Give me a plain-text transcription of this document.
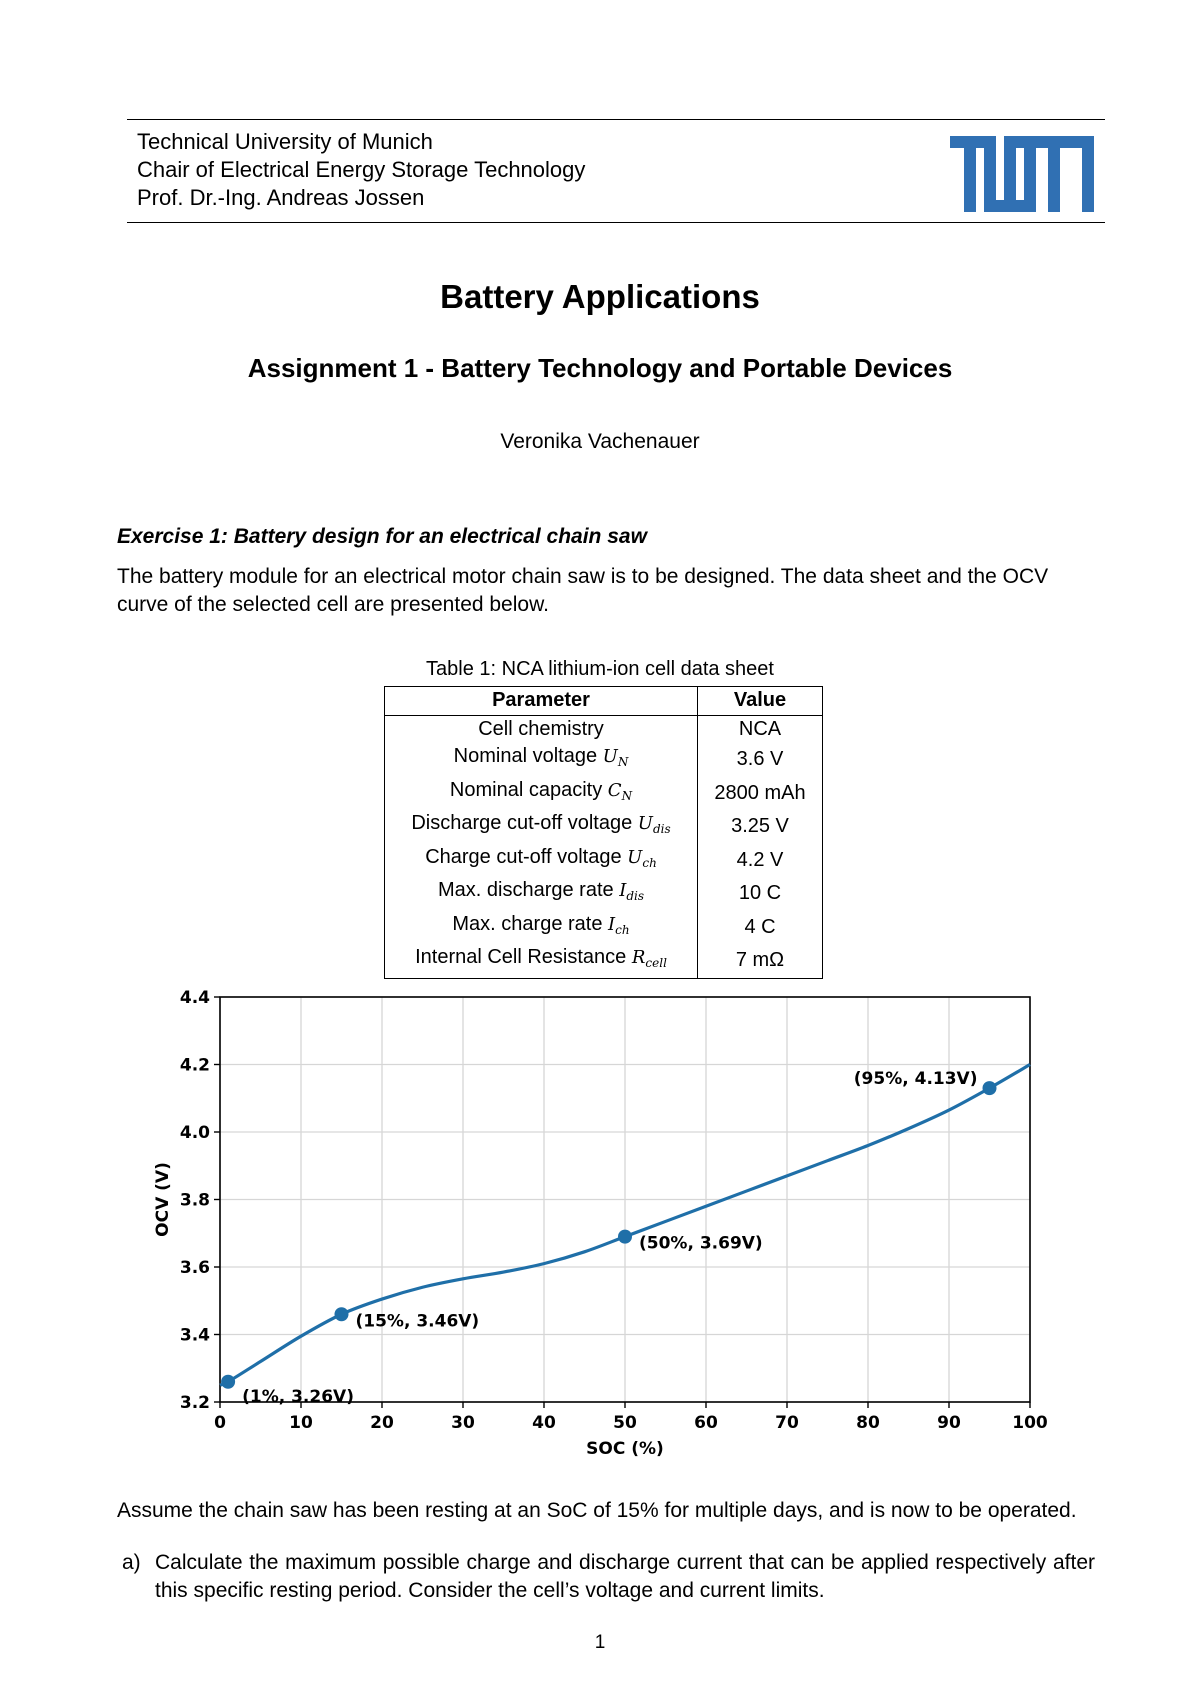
Technical University of Munich
Chair of Electrical Energy Storage Technology
Prof. Dr.-Ing. Andreas Jossen
Battery Applications
Assignment 1 - Battery Technology and Portable Devices
Veronika Vachenauer
Exercise 1: Battery design for an electrical chain saw
The battery module for an electrical motor chain saw is to be designed. The data sheet and the OCV curve of the selected cell are presented below.
Table 1: NCA lithium-ion cell data sheet
Parameter	Value
Cell chemistry	NCA
Nominal voltage $U_N$	3.6 V
Nominal capacity $C_N$	2800 mAh
Discharge cut-off voltage $U_{dis}$	3.25 V
Charge cut-off voltage $U_{ch}$	4.2 V
Max. discharge rate $I_{dis}$	10 C
Max. charge rate $I_{ch}$	4 C
Internal Cell Resistance $R_{cell}$	7 mΩ
0	10	20	30	40	50	60	70	80	90	100
3.2
3.4
3.6
3.8
4.0
4.2
4.4
SOC (%)
OCV (V)
(1%, 3.26V)
(15%, 3.46V)
(50%, 3.69V)
(95%, 4.13V)
Assume the chain saw has been resting at an SoC of 15% for multiple days, and is now to be operated.
a) Calculate the maximum possible charge and discharge current that can be applied respectively after this specific resting period. Consider the cell’s voltage and current limits.
1
